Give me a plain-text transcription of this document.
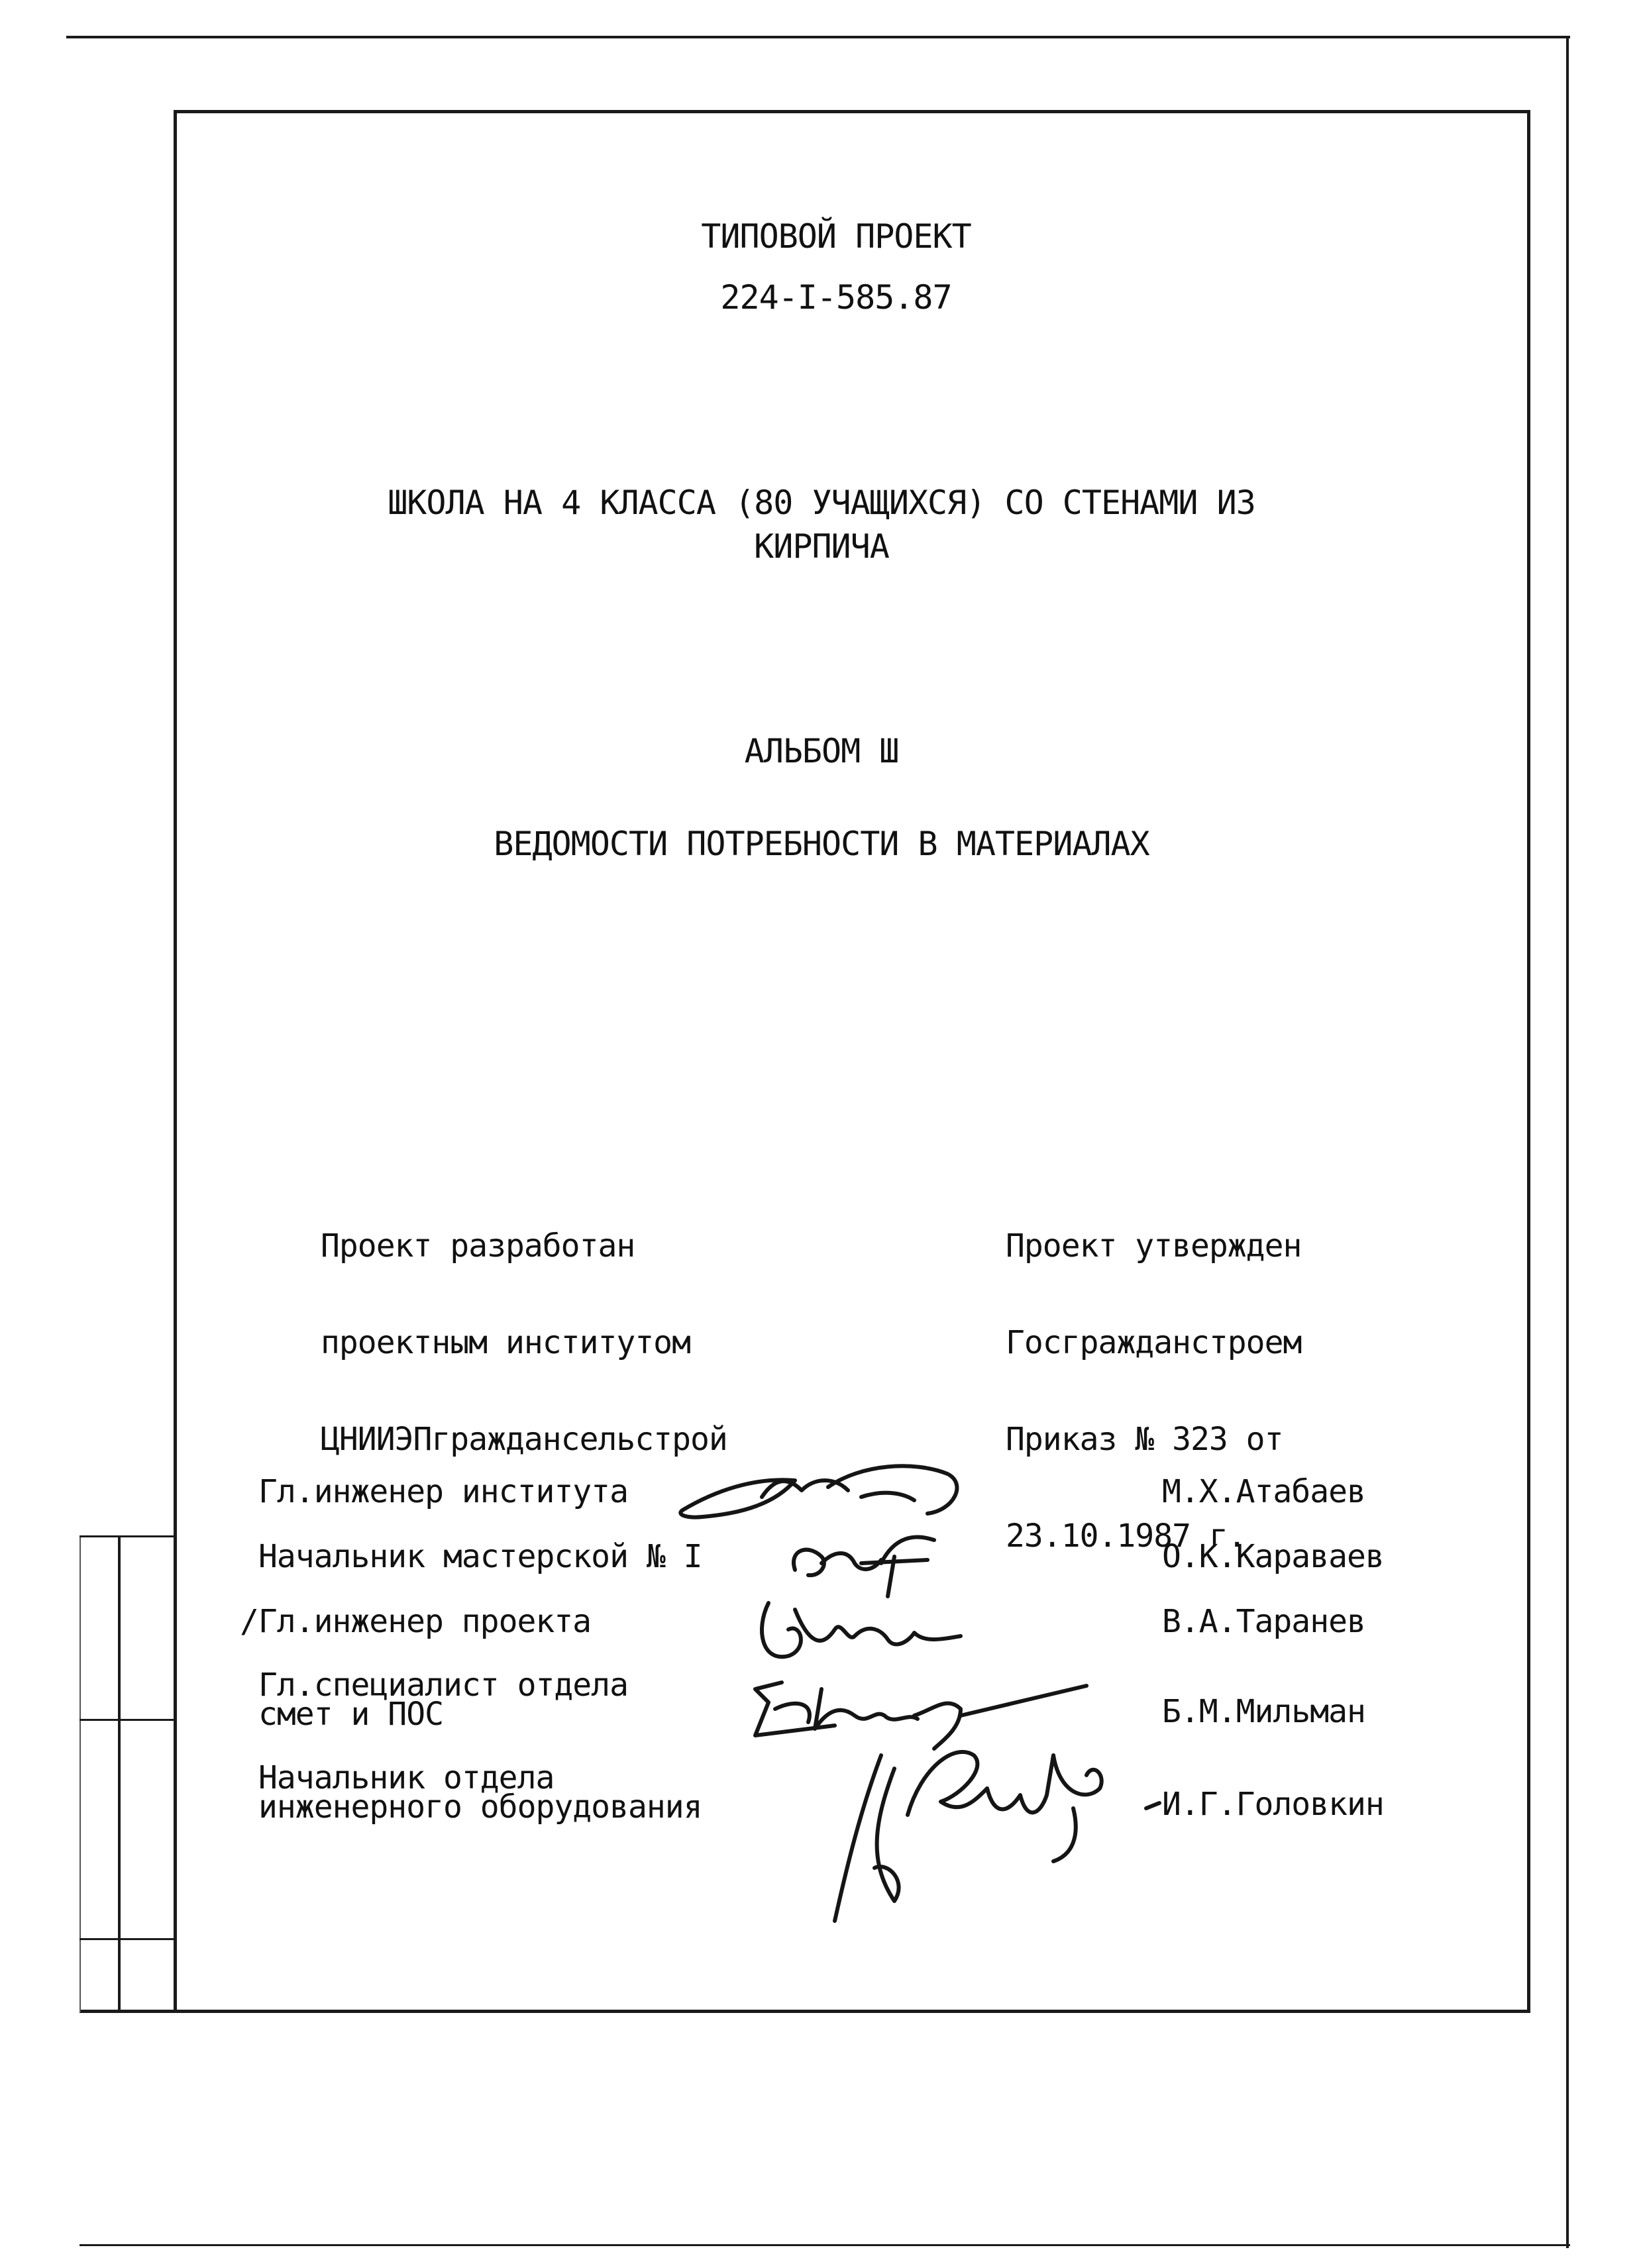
ТИПОВОЙ ПРОЕКТ
224-I-585.87
ШКОЛА НА 4 КЛАССА (80 УЧАЩИХСЯ) СО СТЕНАМИ ИЗ
КИРПИЧА
АЛЬБОМ Ш
ВЕДОМОСТИ ПОТРЕБНОСТИ В МАТЕРИАЛАХ

Проект разработан

проектным институтом

ЦНИИЭПграждансельстрой

Проект утвержден

Госгражданстроем

Приказ № 323 от

23.10.1987 г.

Гл.инженер института
Начальник мастерской № I
/Гл.инженер проекта
Гл.специалист отдела
смет и ПОС
Начальник отдела
инженерного оборудования
М.Х.Атабаев
О.К.Караваев
В.А.Таранев
Б.М.Мильман
И.Г.Головкин
